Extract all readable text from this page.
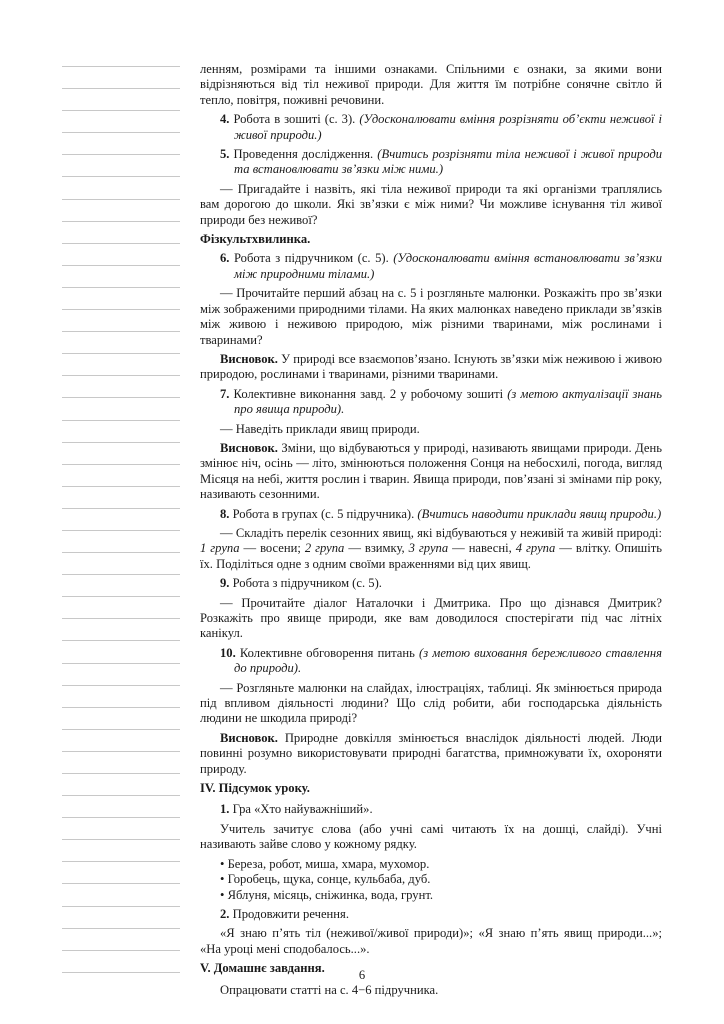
ленням, розмірами та іншими ознаками. Спільними є ознаки, за якими вони відрізняються від тіл неживої природи. Для життя їм потрібне сонячне світло й тепло, повітря, поживні речовини.

4. Робота в зошиті (с. 3). (Удосконалювати вміння розрізняти об’єкти неживої і живої природи.)

5. Проведення дослідження. (Вчитись розрізняти тіла неживої і живої природи та встановлювати зв’язки між ними.)

— Пригадайте і назвіть, які тіла неживої природи та які організми траплялись вам дорогою до школи. Які зв’язки є між ними? Чи можливе існування тіл живої природи без неживої?

Фізкультхвилинка.

6. Робота з підручником (с. 5). (Удосконалювати вміння встановлювати зв’язки між природними тілами.)

— Прочитайте перший абзац на с. 5 і розгляньте малюнки. Розкажіть про зв’язки між зображеними природними тілами. На яких малюнках наведено приклади зв’язків між живою і неживою природою, між різними тваринами, між рослинами і тваринами?

Висновок. У природі все взаємопов’язано. Існують зв’язки між неживою і живою природою, рослинами і тваринами, різними тваринами.

7. Колективне виконання завд. 2 у робочому зошиті (з метою актуалізації знань про явища природи).

— Наведіть приклади явищ природи.

Висновок. Зміни, що відбуваються у природі, називають явищами природи. День змінює ніч, осінь — літо, змінюються положення Сонця на небосхилі, погода, вигляд Місяця на небі, життя рослин і тварин. Явища природи, пов’язані зі змінами пір року, називають сезонними.

8. Робота в групах (с. 5 підручника). (Вчитись наводити приклади явищ природи.)

— Складіть перелік сезонних явищ, які відбуваються у неживій та живій природі: 1 група — восени; 2 група — взимку, 3 група — навесні, 4 група — влітку. Опишіть їх. Поділіться одне з одним своїми враженнями від цих явищ.

9. Робота з підручником (с. 5).

— Прочитайте діалог Наталочки і Дмитрика. Про що дізнався Дмитрик? Розкажіть про явище природи, яке вам доводилося спостерігати під час літніх канікул.

10. Колективне обговорення питань (з метою виховання бережливого ставлення до природи).

— Розгляньте малюнки на слайдах, ілюстраціях, таблиці. Як змінюється природа під впливом діяльності людини? Що слід робити, аби господарська діяльність людини не шкодила природі?

Висновок. Природне довкілля змінюється внаслідок діяльності людей. Люди повинні розумно використовувати природні багатства, примножувати їх, охороняти природу.

IV. Підсумок уроку.

1. Гра «Хто найуважніший».

Учитель зачитує слова (або учні самі читають їх на дошці, слайді). Учні називають зайве слово у кожному рядку.

• Береза, робот, миша, хмара, мухомор.
• Горобець, щука, сонце, кульбаба, дуб.
• Яблуня, місяць, сніжинка, вода, грунт.

2. Продовжити речення.

«Я знаю п’ять тіл (неживої/живої природи)»; «Я знаю п’ять явищ природи...»; «На уроці мені сподобалось...».

V. Домашнє завдання.

Опрацювати статті на с. 4−6 підручника.

6
